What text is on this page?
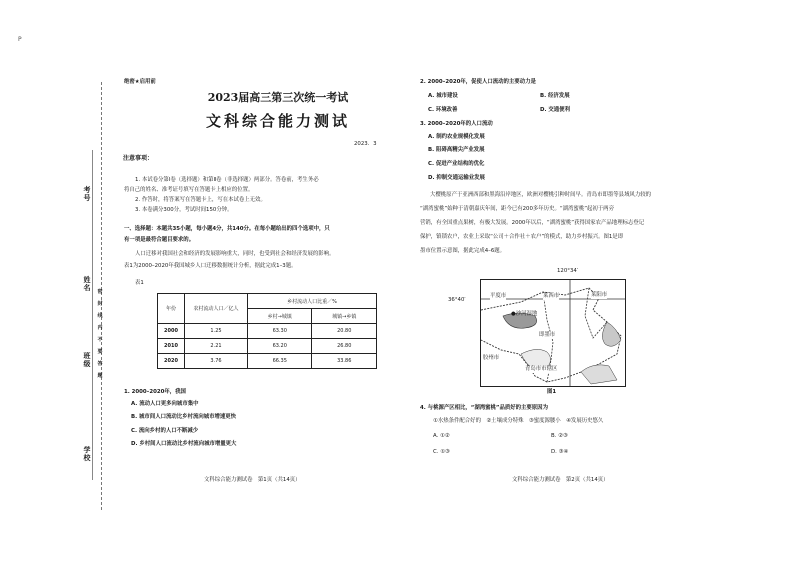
P
考号
姓名
班级
学校
密
封
线
内
不
要
答
题
绝密★启用前
2023届高三第三次统一考试
文科综合能力测试
2023．3
注意事项：
1. 本试卷分第Ⅰ卷（选择题）和第Ⅱ卷（非选择题）两部分。答卷前，考生务必
将自己的姓名、准考证号填写在答题卡上相应的位置。
2. 作答时，将答案写在答题卡上，写在本试卷上无效。
3. 本卷满分300分，考试时间150分钟。
一、选择题：本题共35小题，每小题4分，共140分。在每小题给出的四个选项中，只
有一项是最符合题目要求的。
人口迁移对我国社会和经济的发展影响重大，同时，也受到社会和经济发展的影响。
表1为2000–2020年我国城乡人口迁移数据统计分析，据此完成1–3题。
表1
年份	农村流动人口／亿人	乡村流动人口比重／%	
		乡村→城镇	城镇→乡镇
2000	1.25	63.30	20.80
2010	2.21	63.20	26.80
2020	3.76	66.35	33.86
1. 2000–2020年，我国
A. 流动人口更多向城市集中
B. 城市间人口流动比乡村流向城市增速更快
C. 流向乡村的人口不断减少
D. 乡村间人口流动比乡村流向城市增量更大
文科综合能力测试卷　第1页（共14页）
2. 2000–2020年，促使人口流动的主要动力是
A. 城市建设	B. 经济发展
C. 环境改善	D. 交通便利
3. 2000–2020年的人口流动
A. 制约农业规模化发展
B. 阻碍高精尖产业发展
C. 促进产业结构的优化
D. 抑制交通运输业发展
大樱桃原产于亚洲西部和黑海沿岸地区，欧洲对樱桃引种时间早。青岛市即墨等县域风力较的
“湖湾蜜桃”始种于清朝嘉庆年间，距今已有200多年历史。“湖湾蜜桃”起初于两旁
营销，有全国重点果树，有极大发展。2000年以后，“湖湾蜜桃”获得国家农产品地理标志登记
保护，镇锁农户，农业上采取“公司＋合作社＋农户”的模式，助力乡村振兴。图1是即
墨市位置示意图，据此完成4–6题。
120°34′
36°40′
平度市	莱西市	莱阳市
●沙河湿地
即墨市
胶州市
青岛市市辖区
图1
4. 与桃源产区相比，“湖湾蜜桃”品质好的主要原因为
①水热条件配合好的　②土壤成分特殊　③蜜度源腰小　④发展历史悠久
A. ①②	B. ②③
C. ①③	D. ③④
文科综合能力测试卷　第2页（共14页）
